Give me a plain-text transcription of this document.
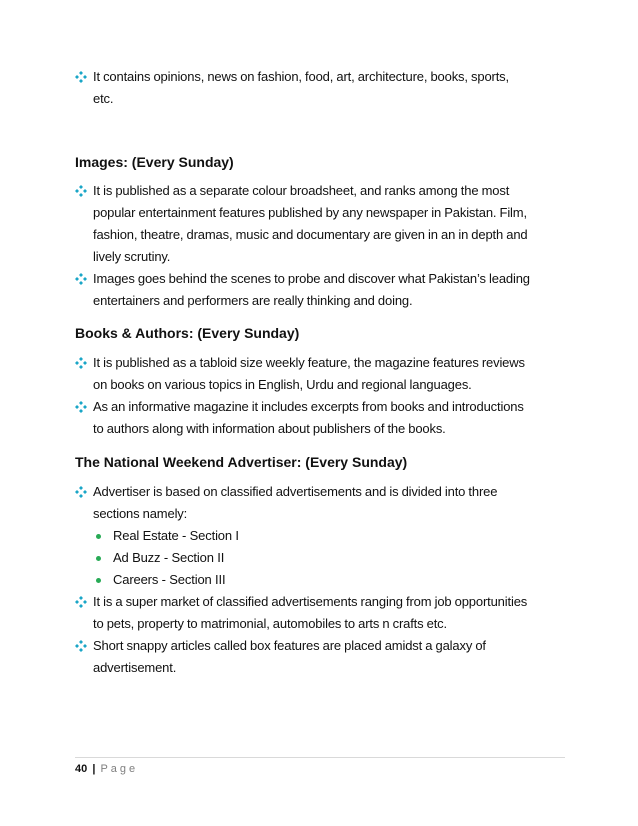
It contains opinions, news on fashion, food, art, architecture, books, sports,
etc.
Images: (Every Sunday)
It is published as a separate colour broadsheet, and ranks among the most
popular entertainment features published by any newspaper in Pakistan. Film,
fashion, theatre, dramas, music and documentary are given in an in depth and
lively scrutiny.
Images goes behind the scenes to probe and discover what Pakistan’s leading
entertainers and performers are really thinking and doing.
Books & Authors: (Every Sunday)
It is published as a tabloid size weekly feature, the magazine features reviews
on books on various topics in English, Urdu and regional languages.
As an informative magazine it includes excerpts from books and introductions
to authors along with information about publishers of the books.
The National Weekend Advertiser: (Every Sunday)
Advertiser is based on classified advertisements and is divided into three
sections namely:
Real Estate - Section I
Ad Buzz - Section II
Careers - Section III
It is a super market of classified advertisements ranging from job opportunities
to pets, property to matrimonial, automobiles to arts n crafts etc.
Short snappy articles called box features are placed amidst a galaxy of
advertisement.
40 | Page
